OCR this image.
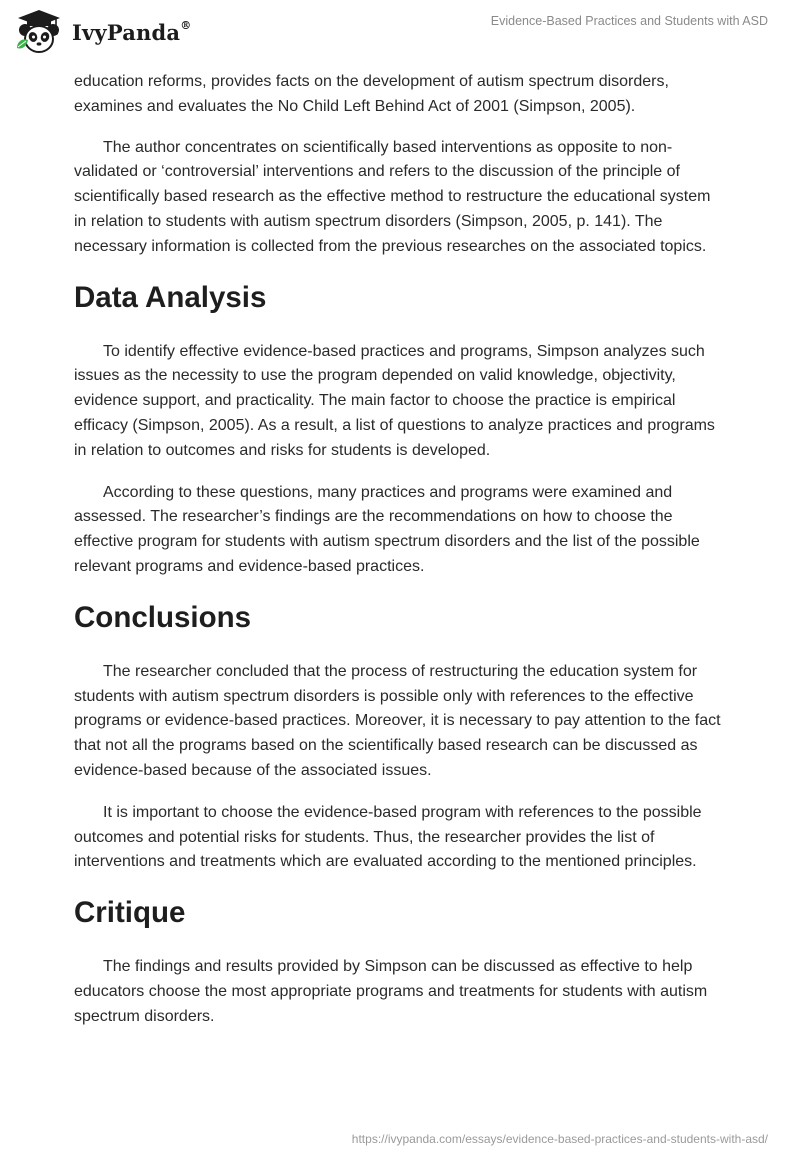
IvyPanda®	Evidence-Based Practices and Students with ASD

education reforms, provides facts on the development of autism spectrum disorders, examines and evaluates the No Child Left Behind Act of 2001 (Simpson, 2005).

The author concentrates on scientifically based interventions as opposite to non-validated or ‘controversial’ interventions and refers to the discussion of the principle of scientifically based research as the effective method to restructure the educational system in relation to students with autism spectrum disorders (Simpson, 2005, p. 141). The necessary information is collected from the previous researches on the associated topics.

Data Analysis

To identify effective evidence-based practices and programs, Simpson analyzes such issues as the necessity to use the program depended on valid knowledge, objectivity, evidence support, and practicality. The main factor to choose the practice is empirical efficacy (Simpson, 2005). As a result, a list of questions to analyze practices and programs in relation to outcomes and risks for students is developed.

According to these questions, many practices and programs were examined and assessed. The researcher’s findings are the recommendations on how to choose the effective program for students with autism spectrum disorders and the list of the possible relevant programs and evidence-based practices.

Conclusions

The researcher concluded that the process of restructuring the education system for students with autism spectrum disorders is possible only with references to the effective programs or evidence-based practices. Moreover, it is necessary to pay attention to the fact that not all the programs based on the scientifically based research can be discussed as evidence-based because of the associated issues.

It is important to choose the evidence-based program with references to the possible outcomes and potential risks for students. Thus, the researcher provides the list of interventions and treatments which are evaluated according to the mentioned principles.

Critique

The findings and results provided by Simpson can be discussed as effective to help educators choose the most appropriate programs and treatments for students with autism spectrum disorders.

https://ivypanda.com/essays/evidence-based-practices-and-students-with-asd/
